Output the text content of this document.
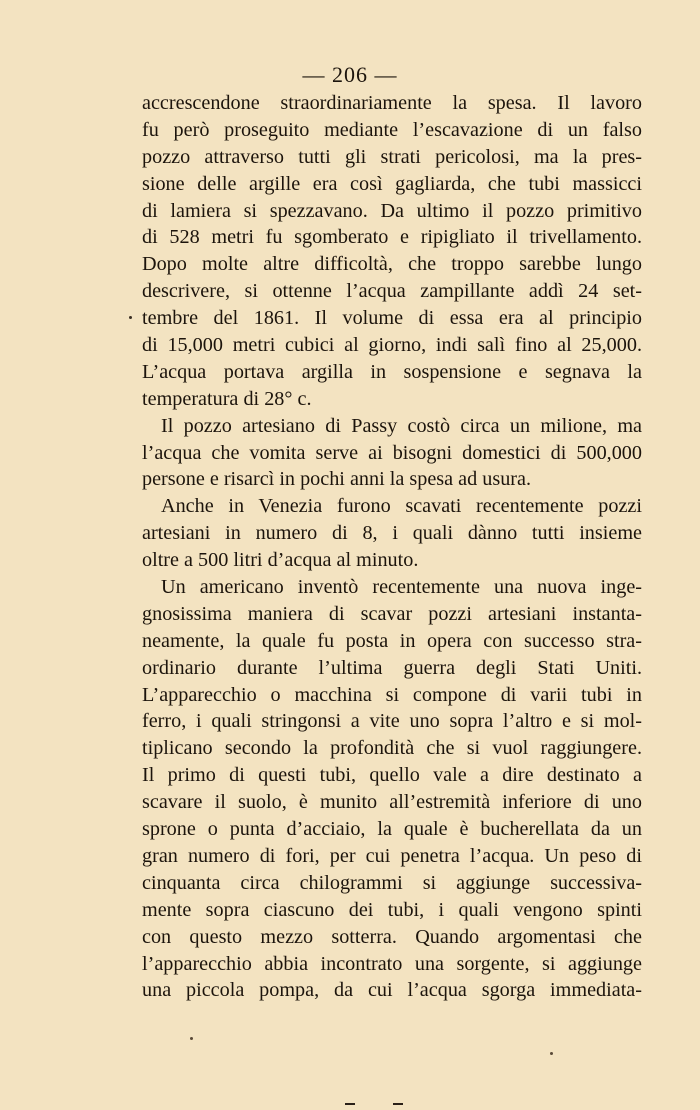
— 206 —
accrescendone straordinariamente la spesa. Il lavoro
fu però proseguito mediante l’escavazione di un falso
pozzo attraverso tutti gli strati pericolosi, ma la pres-
sione delle argille era così gagliarda, che tubi massicci
di lamiera si spezzavano. Da ultimo il pozzo primitivo
di 528 metri fu sgomberato e ripigliato il trivellamento.
Dopo molte altre difficoltà, che troppo sarebbe lungo
descrivere, si ottenne l’acqua zampillante addì 24 set-
tembre del 1861. Il volume di essa era al principio
di 15,000 metri cubici al giorno, indi salì fino al 25,000.
L’acqua portava argilla in sospensione e segnava la
temperatura di 28° c.
Il pozzo artesiano di Passy costò circa un milione, ma
l’acqua che vomita serve ai bisogni domestici di 500,000
persone e risarcì in pochi anni la spesa ad usura.
Anche in Venezia furono scavati recentemente pozzi
artesiani in numero di 8, i quali dànno tutti insieme
oltre a 500 litri d’acqua al minuto.
Un americano inventò recentemente una nuova inge-
gnosissima maniera di scavar pozzi artesiani instanta-
neamente, la quale fu posta in opera con successo stra-
ordinario durante l’ultima guerra degli Stati Uniti.
L’apparecchio o macchina si compone di varii tubi in
ferro, i quali stringonsi a vite uno sopra l’altro e si mol-
tiplicano secondo la profondità che si vuol raggiungere.
Il primo di questi tubi, quello vale a dire destinato a
scavare il suolo, è munito all’estremità inferiore di uno
sprone o punta d’acciaio, la quale è bucherellata da un
gran numero di fori, per cui penetra l’acqua. Un peso di
cinquanta circa chilogrammi si aggiunge successiva-
mente sopra ciascuno dei tubi, i quali vengono spinti
con questo mezzo sotterra. Quando argomentasi che
l’apparecchio abbia incontrato una sorgente, si aggiunge
una piccola pompa, da cui l’acqua sgorga immediata-
